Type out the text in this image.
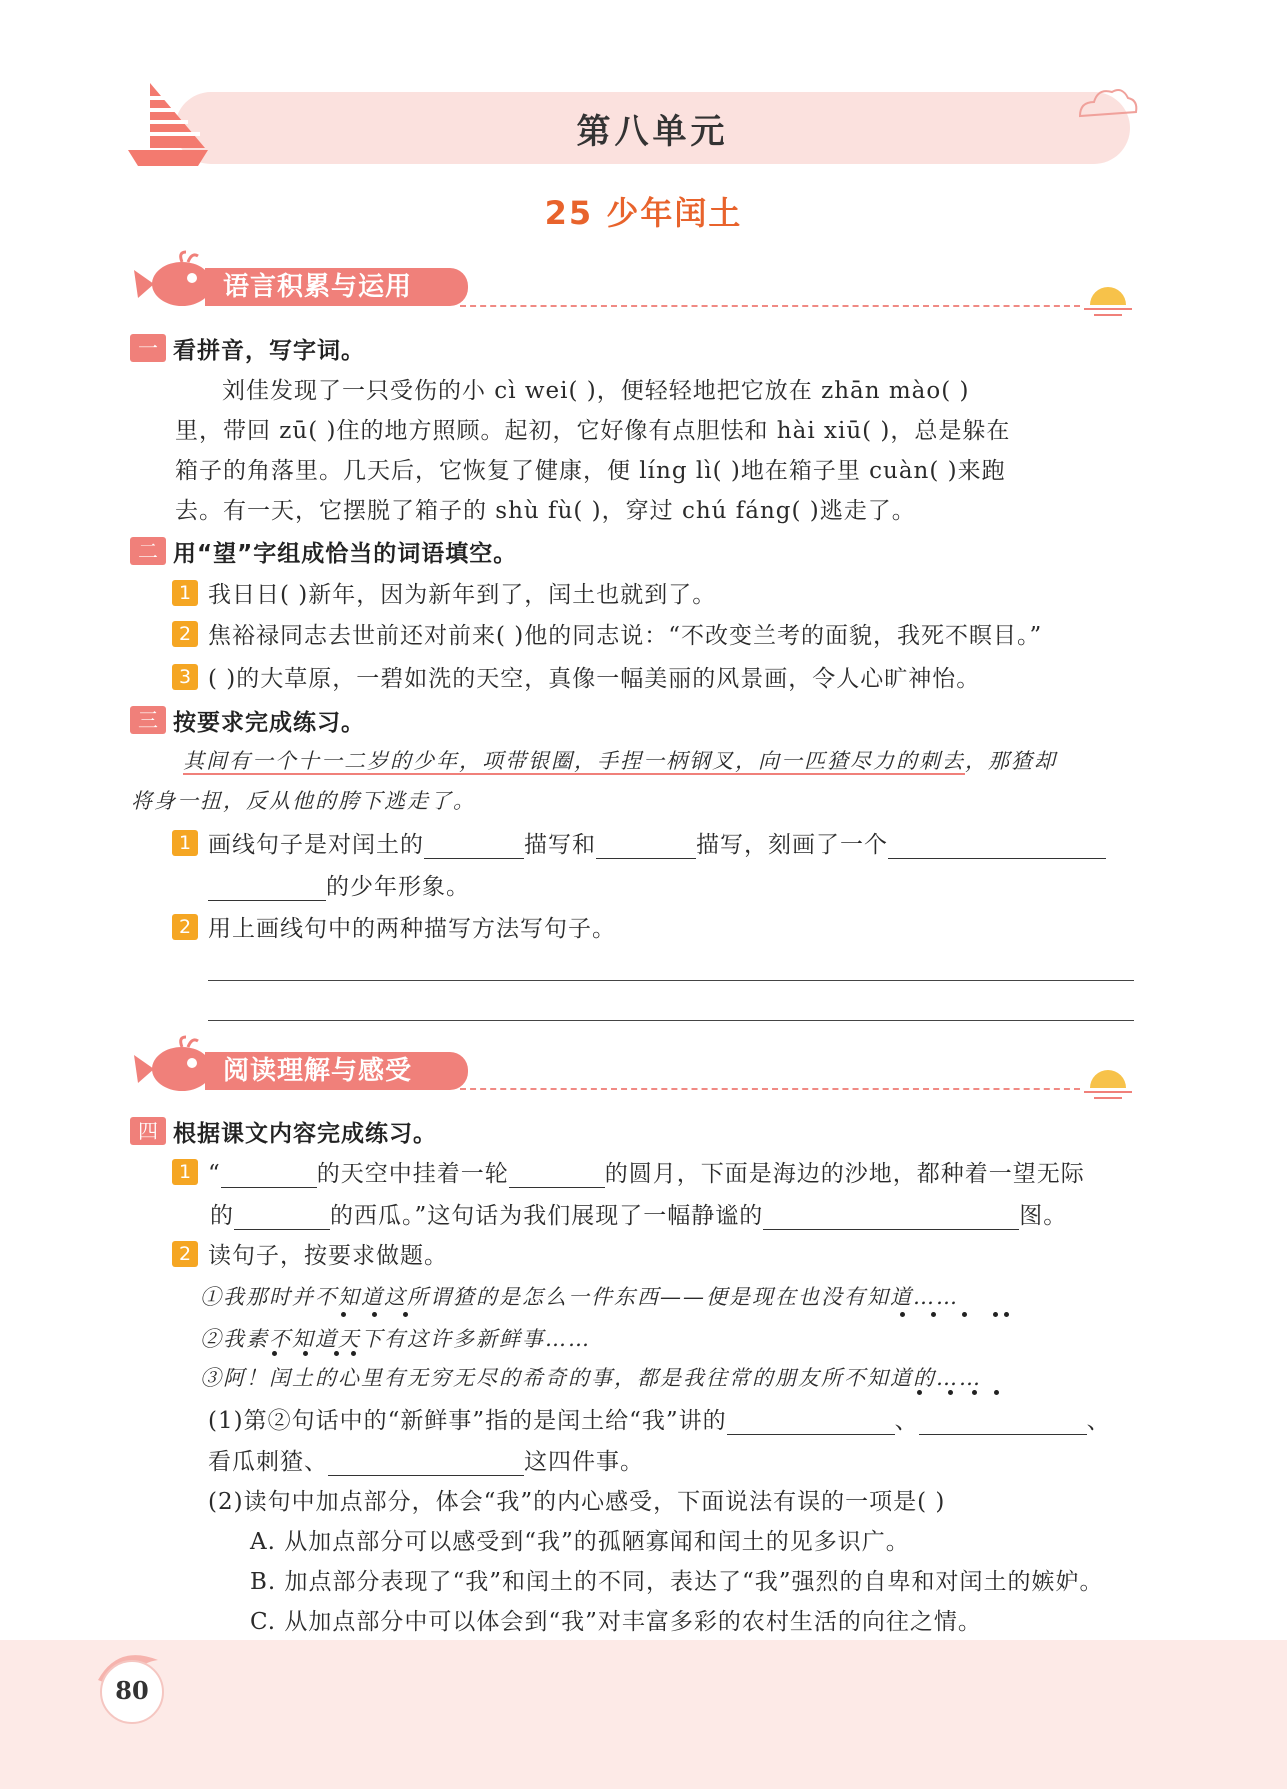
第八单元
25 少年闰土
语言积累与运用
一 看拼音，写字词。
刘佳发现了一只受伤的小 cì wei( )，便轻轻地把它放在 zhān mào( )
里，带回 zū( )住的地方照顾。起初，它好像有点胆怯和 hài xiū( )，总是躲在
箱子的角落里。几天后，它恢复了健康，便 líng lì( )地在箱子里 cuàn( )来跑
去。有一天，它摆脱了箱子的 shù fù( )，穿过 chú fáng( )逃走了。
二 用“望”字组成恰当的词语填空。
1 我日日( )新年，因为新年到了，闰土也就到了。
2 焦裕禄同志去世前还对前来( )他的同志说：“不改变兰考的面貌，我死不瞑目。”
3 ( )的大草原，一碧如洗的天空，真像一幅美丽的风景画，令人心旷神怡。
三 按要求完成练习。
其间有一个十一二岁的少年，项带银圈，手捏一柄钢叉，向一匹猹尽力的刺去，那猹却
将身一扭，反从他的胯下逃走了。
1 画线句子是对闰土的	描写和	描写，刻画了一个
的少年形象。
2 用上画线句中的两种描写方法写句子。
阅读理解与感受
四 根据课文内容完成练习。
1 “	的天空中挂着一轮	的圆月，下面是海边的沙地，都种着一望无际
的	的西瓜。”这句话为我们展现了一幅静谧的	图。
2 读句子，按要求做题。
①我那时并不知道这所谓猹的是怎么一件东西——便是现在也没有知道……
②我素不知道天下有这许多新鲜事……
③阿！闰土的心里有无穷无尽的希奇的事，都是我往常的朋友所不知道的……
(1)第②句话中的“新鲜事”指的是闰土给“我”讲的	、	、
看瓜刺猹、	这四件事。
(2)读句中加点部分，体会“我”的内心感受，下面说法有误的一项是( )
A. 从加点部分可以感受到“我”的孤陋寡闻和闰土的见多识广。
B. 加点部分表现了“我”和闰土的不同，表达了“我”强烈的自卑和对闰土的嫉妒。
C. 从加点部分中可以体会到“我”对丰富多彩的农村生活的向往之情。
80
